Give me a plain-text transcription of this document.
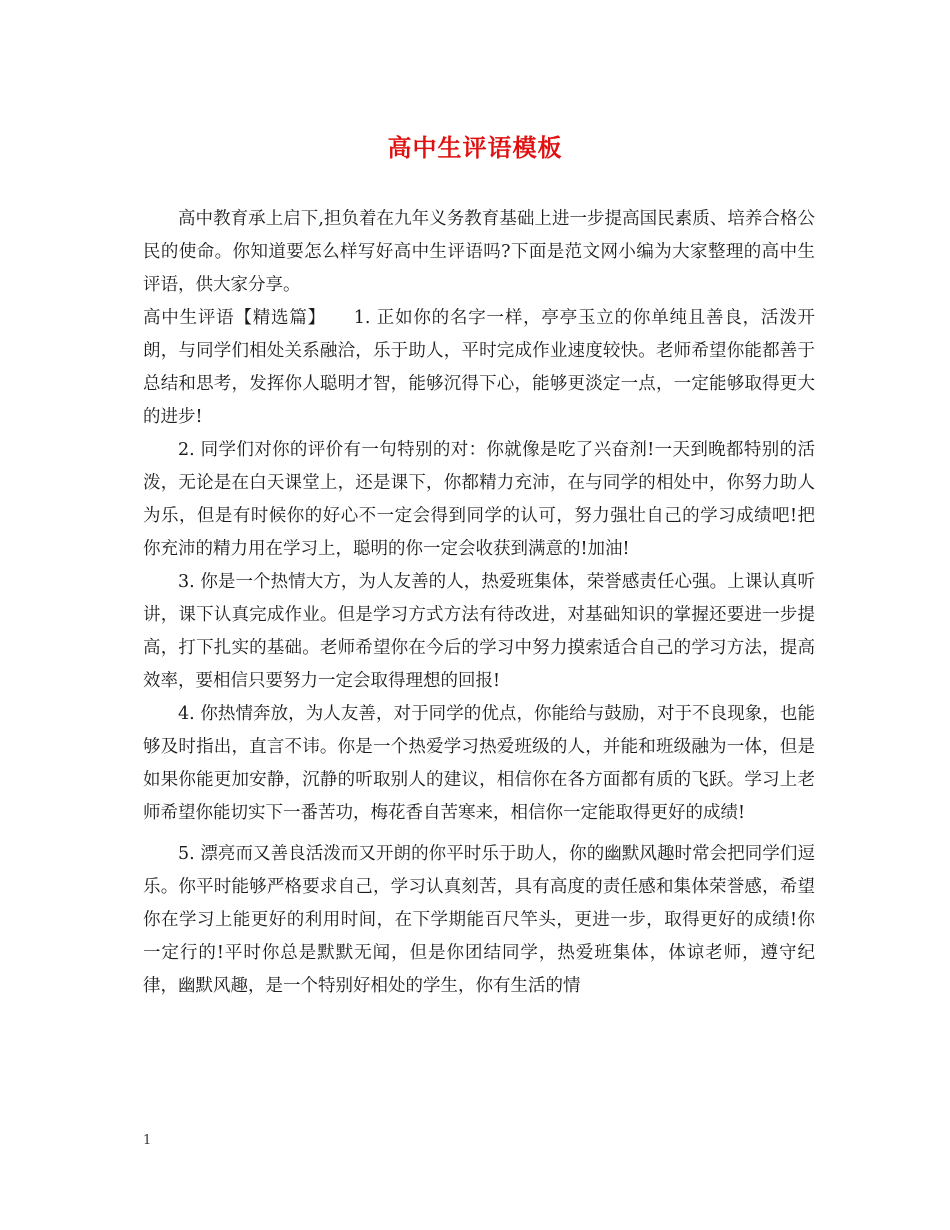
高中生评语模板

高中教育承上启下,担负着在九年义务教育基础上进一步提高国民素质、培养合格公民的使命。你知道要怎么样写好高中生评语吗?下面是范文网小编为大家整理的高中生评语，供大家分享。

高中生评语【精选篇】　　1. 正如你的名字一样，亭亭玉立的你单纯且善良，活泼开朗，与同学们相处关系融洽，乐于助人，平时完成作业速度较快。老师希望你能都善于总结和思考，发挥你人聪明才智，能够沉得下心，能够更淡定一点，一定能够取得更大的进步!

2. 同学们对你的评价有一句特别的对：你就像是吃了兴奋剂!一天到晚都特别的活泼，无论是在白天课堂上，还是课下，你都精力充沛，在与同学的相处中，你努力助人为乐，但是有时候你的好心不一定会得到同学的认可，努力强壮自己的学习成绩吧!把你充沛的精力用在学习上，聪明的你一定会收获到满意的!加油!

3. 你是一个热情大方，为人友善的人，热爱班集体，荣誉感责任心强。上课认真听讲，课下认真完成作业。但是学习方式方法有待改进，对基础知识的掌握还要进一步提高，打下扎实的基础。老师希望你在今后的学习中努力摸索适合自己的学习方法，提高效率，要相信只要努力一定会取得理想的回报!

4. 你热情奔放，为人友善，对于同学的优点，你能给与鼓励，对于不良现象，也能够及时指出，直言不讳。你是一个热爱学习热爱班级的人，并能和班级融为一体，但是如果你能更加安静，沉静的听取别人的建议，相信你在各方面都有质的飞跃。学习上老师希望你能切实下一番苦功，梅花香自苦寒来，相信你一定能取得更好的成绩!

5. 漂亮而又善良活泼而又开朗的你平时乐于助人，你的幽默风趣时常会把同学们逗乐。你平时能够严格要求自己，学习认真刻苦，具有高度的责任感和集体荣誉感，希望你在学习上能更好的利用时间，在下学期能百尺竿头，更进一步，取得更好的成绩!你一定行的!平时你总是默默无闻，但是你团结同学，热爱班集体，体谅老师，遵守纪律，幽默风趣，是一个特别好相处的学生，你有生活的情

1
